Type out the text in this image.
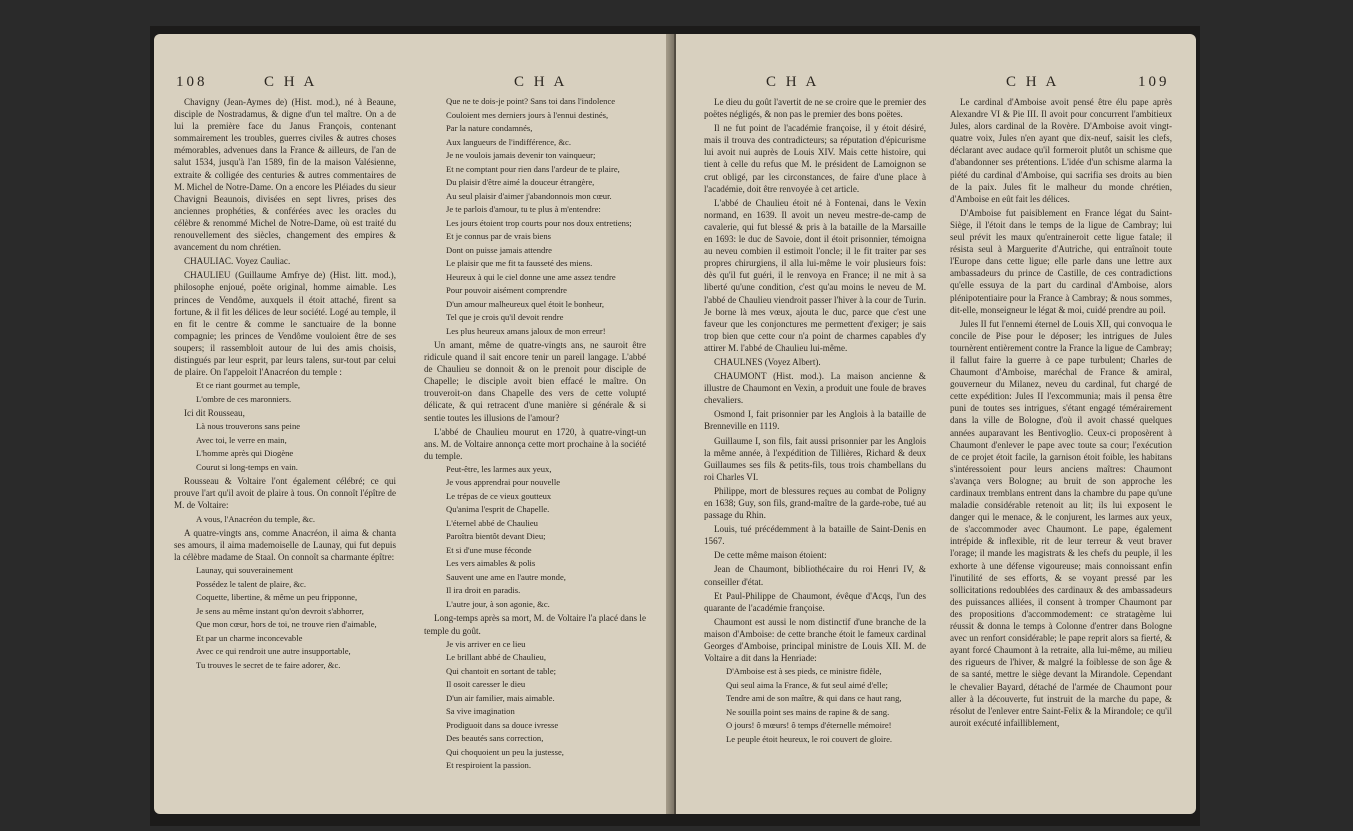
108	C H A	C H A

Chavigny (Jean-Aymes de) (Hist. mod.), né à Beaune, disciple de Nostradamus, & digne d'un tel maître. On a de lui la première face du Janus François, contenant sommairement les troubles, guerres civiles & autres choses mémorables, advenues dans la France & ailleurs, de l'an de salut 1534, jusqu'à l'an 1589, fin de la maison Valésienne, extraite & colligée des centuries & autres commentaires de M. Michel de Notre-Dame. On a encore les Pléiades du sieur Chavigni Beaunois, divisées en sept livres, prises des anciennes prophéties, & conférées avec les oracles du célèbre & renommé Michel de Notre-Dame, où est traité du renouvellement des siècles, changement des empires & avancement du nom chrétien.

CHAULIAC. Voyez Cauliac.

CHAULIEU (Guillaume Amfrye de) (Hist. litt. mod.), philosophe enjoué, poëte original, homme aimable. Les princes de Vendôme, auxquels il étoit attaché, firent sa fortune, & il fit les délices de leur société. Logé au temple, il en fit le centre & comme le sanctuaire de la bonne compagnie; les princes de Vendôme vouloient être de ses soupers; il rassembloit autour de lui des amis choisis, distingués par leur esprit, par leurs talens, sur-tout par celui de plaire. On l'appeloit l'Anacréon du temple :

Et ce riant gourmet au temple,

L'ombre de ces maronniers.

Ici dit Rousseau,

Là nous trouverons sans peine

Avec toi, le verre en main,

L'homme après qui Diogène

Courut si long-temps en vain.

Rousseau & Voltaire l'ont également célébré; ce qui prouve l'art qu'il avoit de plaire à tous. On connoît l'épître de M. de Voltaire:

A vous, l'Anacréon du temple, &c.

A quatre-vingts ans, comme Anacréon, il aima & chanta ses amours, il aima mademoiselle de Launay, qui fut depuis la célèbre madame de Staal. On connoît sa charmante épître:

Launay, qui souverainement

Possédez le talent de plaire, &c.

Coquette, libertine, & même un peu fripponne,

Je sens au même instant qu'on devroit s'abhorrer,

Que mon cœur, hors de toi, ne trouve rien d'aimable,

Et par un charme inconcevable

Avec ce qui rendroit une autre insupportable,

Tu trouves le secret de te faire adorer, &c.

Que ne te dois-je point? Sans toi dans l'indolence

Couloient mes derniers jours à l'ennui destinés,

Par la nature condamnés,

Aux langueurs de l'indifférence, &c.

Je ne voulois jamais devenir ton vainqueur;

Et ne comptant pour rien dans l'ardeur de te plaire,

Du plaisir d'être aimé la douceur étrangère,

Au seul plaisir d'aimer j'abandonnois mon cœur.

Je te parlois d'amour, tu te plus à m'entendre:

Les jours étoient trop courts pour nos doux entretiens;

Et je connus par de vrais biens

Dont on puisse jamais attendre

Le plaisir que me fit ta fausseté des miens.

Heureux à qui le ciel donne une ame assez tendre

Pour pouvoir aisément comprendre

D'un amour malheureux quel étoit le bonheur,

Tel que je crois qu'il devoit rendre

Les plus heureux amans jaloux de mon erreur!

Un amant, même de quatre-vingts ans, ne sauroit être ridicule quand il sait encore tenir un pareil langage. L'abbé de Chaulieu se donnoit & on le prenoit pour disciple de Chapelle; le disciple avoit bien effacé le maître. On trouveroit-on dans Chapelle des vers de cette volupté délicate, & qui retracent d'une manière si générale & si sentie toutes les illusions de l'amour?

L'abbé de Chaulieu mourut en 1720, à quatre-vingt-un ans. M. de Voltaire annonça cette mort prochaine à la société du temple.

Peut-être, les larmes aux yeux,

Je vous apprendrai pour nouvelle

Le trépas de ce vieux goutteux

Qu'anima l'esprit de Chapelle.

L'éternel abbé de Chaulieu

Paroîtra bientôt devant Dieu;

Et si d'une muse féconde

Les vers aimables & polis

Sauvent une ame en l'autre monde,

Il ira droit en paradis.

L'autre jour, à son agonie, &c.

Long-temps après sa mort, M. de Voltaire l'a placé dans le temple du goût.

Je vis arriver en ce lieu

Le brillant abbé de Chaulieu,

Qui chantoit en sortant de table;

Il osoit caresser le dieu

D'un air familier, mais aimable.

Sa vive imagination

Prodiguoit dans sa douce ivresse

Des beautés sans correction,

Qui choquoient un peu la justesse,

Et respiroient la passion.

C H A	C H A	109

Le dieu du goût l'avertit de ne se croire que le premier des poëtes négligés, & non pas le premier des bons poëtes.

Il ne fut point de l'académie françoise, il y étoit désiré, mais il trouva des contradicteurs; sa réputation d'épicurisme lui avoit nui auprès de Louis XIV. Mais cette histoire, qui tient à celle du refus que M. le président de Lamoignon se crut obligé, par les circonstances, de faire d'une place à l'académie, doit être renvoyée à cet article.

L'abbé de Chaulieu étoit né à Fontenai, dans le Vexin normand, en 1639. Il avoit un neveu mestre-de-camp de cavalerie, qui fut blessé & pris à la bataille de la Marsaille en 1693: le duc de Savoie, dont il étoit prisonnier, témoigna au neveu combien il estimoit l'oncle; il le fit traiter par ses propres chirurgiens, il alla lui-même le voir plusieurs fois: dès qu'il fut guéri, il le renvoya en France; il ne mit à sa liberté qu'une condition, c'est qu'au moins le neveu de M. l'abbé de Chaulieu viendroit passer l'hiver à la cour de Turin. Je borne là mes vœux, ajouta le duc, parce que c'est une faveur que les conjonctures me permettent d'exiger; je sais trop bien que cette cour n'a point de charmes capables d'y attirer M. l'abbé de Chaulieu lui-même.

CHAULNES (Voyez Albert).

CHAUMONT (Hist. mod.). La maison ancienne & illustre de Chaumont en Vexin, a produit une foule de braves chevaliers.

Osmond I, fait prisonnier par les Anglois à la bataille de Brenneville en 1119.

Guillaume I, son fils, fait aussi prisonnier par les Anglois la même année, à l'expédition de Tillières, Richard & deux Guillaumes ses fils & petits-fils, tous trois chambellans du roi Charles VI.

Philippe, mort de blessures reçues au combat de Poligny en 1638; Guy, son fils, grand-maître de la garde-robe, tué au passage du Rhin.

Louis, tué précédemment à la bataille de Saint-Denis en 1567.

De cette même maison étoient:

Jean de Chaumont, bibliothécaire du roi Henri IV, & conseiller d'état.

Et Paul-Philippe de Chaumont, évêque d'Acqs, l'un des quarante de l'académie françoise.

Chaumont est aussi le nom distinctif d'une branche de la maison d'Amboise: de cette branche étoit le fameux cardinal Georges d'Amboise, principal ministre de Louis XII. M. de Voltaire a dit dans la Henriade:

D'Amboise est à ses pieds, ce ministre fidèle,

Qui seul aima la France, & fut seul aimé d'elle;

Tendre ami de son maître, & qui dans ce haut rang,

Ne souilla point ses mains de rapine & de sang.

O jours! ô mœurs! ô temps d'éternelle mémoire!

Le peuple étoit heureux, le roi couvert de gloire.

Le cardinal d'Amboise avoit pensé être élu pape après Alexandre VI & Pie III. Il avoit pour concurrent l'ambitieux Jules, alors cardinal de la Rovère. D'Amboise avoit vingt-quatre voix, Jules n'en ayant que dix-neuf, saisit les clefs, déclarant avec audace qu'il formeroit plutôt un schisme que d'abandonner ses prétentions. L'idée d'un schisme alarma la piété du cardinal d'Amboise, qui sacrifia ses droits au bien de la paix. Jules fit le malheur du monde chrétien, d'Amboise en eût fait les délices.

D'Amboise fut paisiblement en France légat du Saint-Siège, il l'étoit dans le temps de la ligue de Cambray; lui seul prévit les maux qu'entraineroit cette ligue fatale; il résista seul à Marguerite d'Autriche, qui entraînoit toute l'Europe dans cette ligue; elle parle dans une lettre aux ambassadeurs du prince de Castille, de ces contradictions qu'elle essuya de la part du cardinal d'Amboise, alors plénipotentiaire pour la France à Cambray; & nous sommes, dit-elle, monseigneur le légat & moi, cuidé prendre au poil.

Jules II fut l'ennemi éternel de Louis XII, qui convoqua le concile de Pise pour le déposer; les intrigues de Jules tournèrent entièrement contre la France la ligue de Cambray; il fallut faire la guerre à ce pape turbulent; Charles de Chaumont d'Amboise, maréchal de France & amiral, gouverneur du Milanez, neveu du cardinal, fut chargé de cette expédition: Jules II l'excommunia; mais il pensa être puni de toutes ses intrigues, s'étant engagé témérairement dans la ville de Bologne, d'où il avoit chassé quelques années auparavant les Bentivoglio. Ceux-ci proposèrent à Chaumont d'enlever le pape avec toute sa cour; l'exécution de ce projet étoit facile, la garnison étoit foible, les habitans s'intéressoient pour leurs anciens maîtres: Chaumont s'avança vers Bologne; au bruit de son approche les cardinaux tremblans entrent dans la chambre du pape qu'une maladie considérable retenoit au lit; ils lui exposent le danger qui le menace, & le conjurent, les larmes aux yeux, de s'accommoder avec Chaumont. Le pape, également intrépide & inflexible, rit de leur terreur & veut braver l'orage; il mande les magistrats & les chefs du peuple, il les exhorte à une défense vigoureuse; mais connoissant enfin l'inutilité de ses efforts, & se voyant pressé par les sollicitations redoublées des cardinaux & des ambassadeurs des puissances alliées, il consent à tromper Chaumont par des propositions d'accommodement: ce stratagème lui réussit & donna le temps à Colonne d'entrer dans Bologne avec un renfort considérable; le pape reprit alors sa fierté, & ayant forcé Chaumont à la retraite, alla lui-même, au milieu des rigueurs de l'hiver, & malgré la foiblesse de son âge & de sa santé, mettre le siège devant la Mirandole. Cependant le chevalier Bayard, détaché de l'armée de Chaumont pour aller à la découverte, fut instruit de la marche du pape, & résolut de l'enlever entre Saint-Felix & la Mirandole; ce qu'il auroit exécuté infailliblement,
